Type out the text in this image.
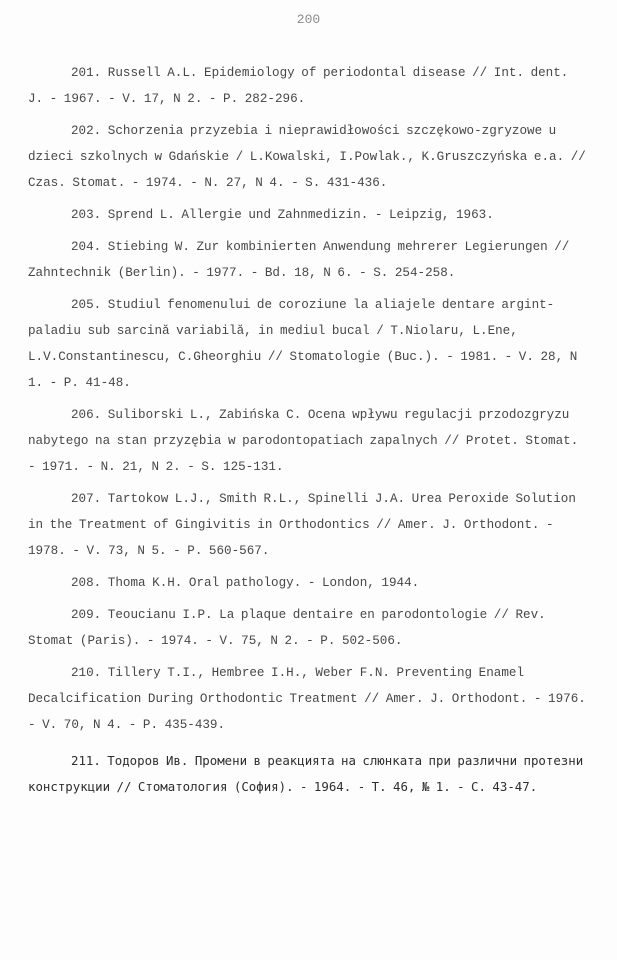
200

201. Russell A.L. Epidemiology of periodontal disease // Int. dent. J. - 1967. - V. 17, N 2. - P. 282-296.

202. Schorzenia przyzebia i nieprawidłowości szczękowo-zgryzowe u dzieci szkolnych w Gdańskie / L.Kowalski, I.Powlak., K.Gruszczyńska e.a. // Czas. Stomat. - 1974. - N. 27, N 4. - S. 431-436.

203. Sprend L. Allergie und Zahnmedizin. - Leipzig, 1963.

204. Stiebing W. Zur kombinierten Anwendung mehrerer Legierungen // Zahntechnik (Berlin). - 1977. - Bd. 18, N 6. - S. 254-258.

205. Studiul fenomenului de coroziune la aliajele dentare argint-paladiu sub sarcină variabilă, in mediul bucal / T.Niolaru, L.Ene, L.V.Constantinescu, C.Gheorghiu // Stomatologie (Buc.). - 1981. - V. 28, N 1. - P. 41-48.

206. Suliborski L., Zabińska C. Ocena wpływu regulacji przodozgryzu nabytego na stan przyzębia w parodontopatiach zapalnych // Protet. Stomat. - 1971. - N. 21, N 2. - S. 125-131.

207. Tartokow L.J., Smith R.L., Spinelli J.A. Urea Peroxide Solution in the Treatment of Gingivitis in Orthodontics // Amer. J. Orthodont. - 1978. - V. 73, N 5. - P. 560-567.

208. Thoma K.H. Oral pathology. - London, 1944.

209. Teoucianu I.P. La plaque dentaire en parodontologie // Rev. Stomat (Paris). - 1974. - V. 75, N 2. - P. 502-506.

210. Tillery T.I., Hembree I.H., Weber F.N. Preventing Enamel Decalcification During Orthodontic Treatment // Amer. J. Orthodont. - 1976. - V. 70, N 4. - P. 435-439.

211. Тодоров Ив. Промени в реакцията на слюнката при различни протезни конструкции // Стоматология (София). - 1964. - Т. 46, № 1. - С. 43-47.
